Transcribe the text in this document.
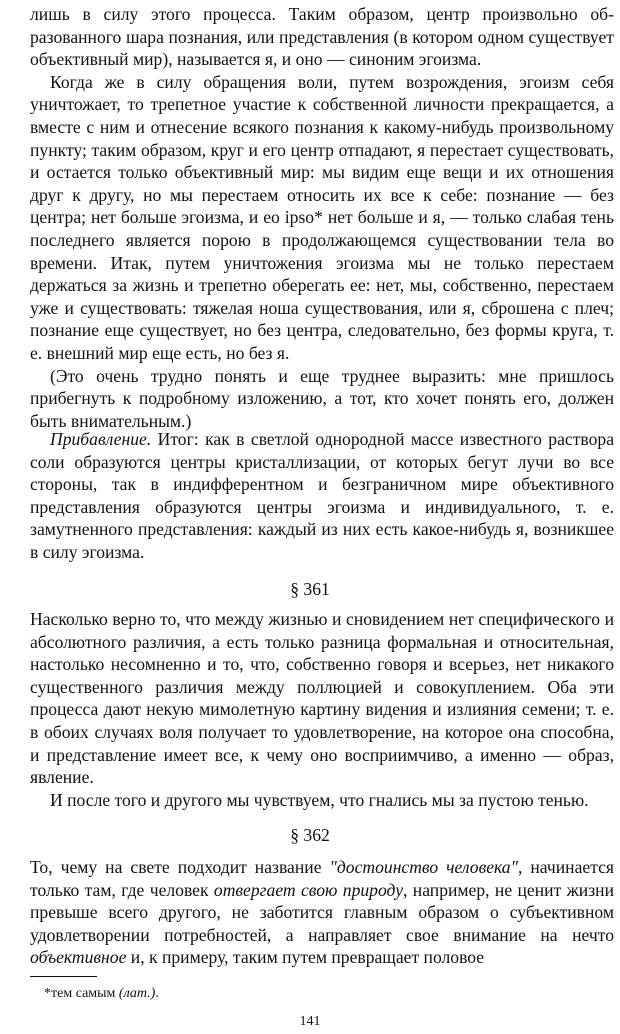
лишь в силу этого процесса. Таким образом, центр произвольно образованного шара познания, или представления (в котором одном существует объективный мир), называется я, и оно — синоним эгоизма.

Когда же в силу обращения воли, путем возрождения, эгоизм себя уничтожает, то трепетное участие к собственной личности прекращается, а вместе с ним и отнесение всякого познания к какому-нибудь произвольному пункту; таким образом, круг и его центр отпадают, я перестает существовать, и остается только объективный мир: мы видим еще вещи и их отношения друг к другу, но мы перестаем относить их все к себе: познание — без центра; нет больше эгоизма, и ео ipso* нет больше и я, — только слабая тень последнего является порою в продолжающемся существовании тела во времени. Итак, путем уничтожения эгоизма мы не только перестаем держаться за жизнь и трепетно оберегать ее: нет, мы, собственно, перестаем уже и существовать: тяжелая ноша существования, или я, сброшена с плеч; познание еще существует, но без центра, следовательно, без формы круга, т. е. внешний мир еще есть, но без я.

(Это очень трудно понять и еще труднее выразить: мне пришлось прибегнуть к подробному изложению, а тот, кто хочет понять его, должен быть внимательным.)

Прибавление. Итог: как в светлой однородной массе известного раствора соли образуются центры кристаллизации, от которых бегут лучи во все стороны, так в индифферентном и безграничном мире объективного представления образуются центры эгоизма и индивидуального, т. е. замутненного представления: каждый из них есть какое-нибудь я, возникшее в силу эгоизма.

§ 361

Насколько верно то, что между жизнью и сновидением нет специфического и абсолютного различия, а есть только разница формальная и относительная, настолько несомненно и то, что, собственно говоря и всерьез, нет никакого существенного различия между поллюцией и совокуплением. Оба эти процесса дают некую мимолетную картину видения и излияния семени; т. е. в обоих случаях воля получает то удовлетворение, на которое она способна, и представление имеет все, к чему оно восприимчиво, а именно — образ, явление.

И после того и другого мы чувствуем, что гнались мы за пустою тенью.

§ 362

То, чему на свете подходит название "достоинство человека", начинается только там, где человек отвергает свою природу, например, не ценит жизни превыше всего другого, не заботится главным образом о субъективном удовлетворении потребностей, а направляет свое внимание на нечто объективное и, к примеру, таким путем превращает половое

*тем самым (лат.).
141
